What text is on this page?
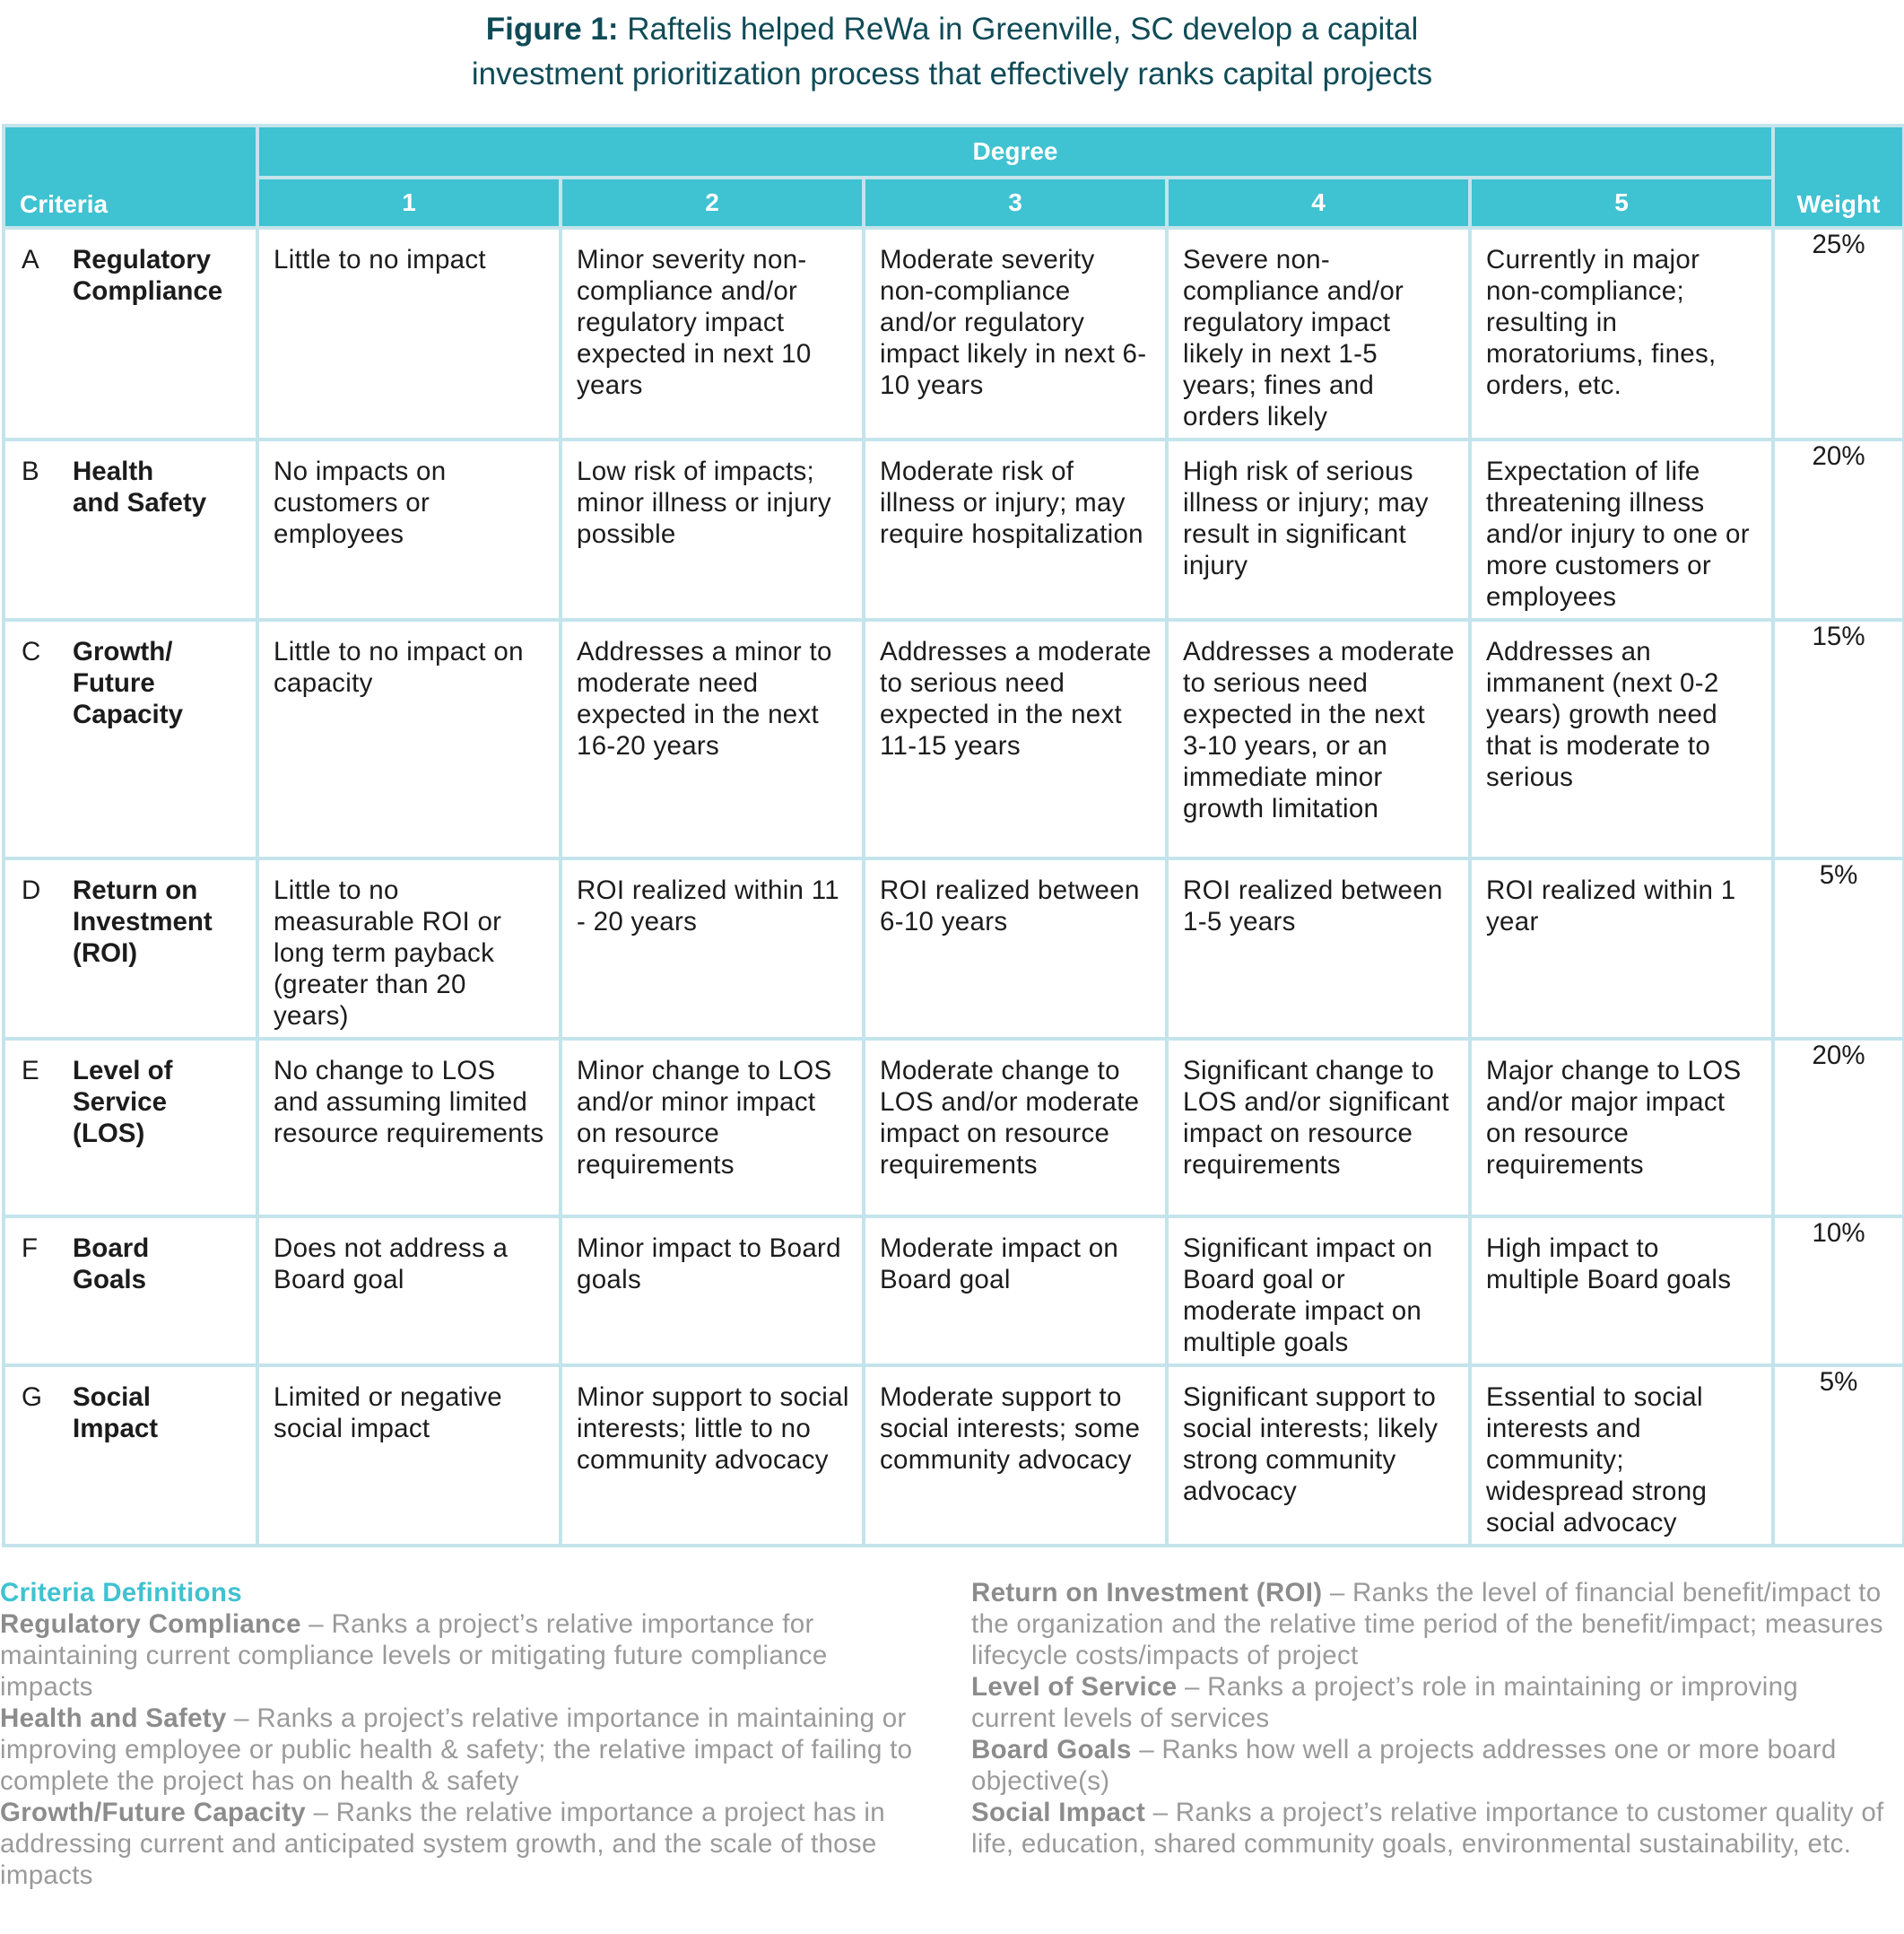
Figure 1: Raftelis helped ReWa in Greenville, SC develop a capital
investment prioritization process that effectively ranks capital projects
Criteria	Degree					Weight
	1	2	3	4	5	

A Regulatory
Compliance	Little to no impact	Minor severity non-compliance and/or regulatory impact expected in next 10 years	Moderate severity non-compliance and/or regulatory impact likely in next 6-10 years	Severe non-compliance and/or regulatory impact likely in next 1-5 years; fines and orders likely	Currently in major non-compliance; resulting in moratoriums, fines, orders, etc.	25%

B Health
and Safety	No impacts on customers or employees	Low risk of impacts; minor illness or injury possible	Moderate risk of illness or injury; may require hospitalization	High risk of serious illness or injury; may result in significant injury	Expectation of life threatening illness and/or injury to one or more customers or employees	20%

C Growth/
Future
Capacity	Little to no impact on capacity	Addresses a minor to moderate need expected in the next 16-20 years	Addresses a moderate to serious need expected in the next 11-15 years	Addresses a moderate to serious need expected in the next 3-10 years, or an immediate minor growth limitation	Addresses an immanent (next 0-2 years) growth need that is moderate to serious	15%

D Return on
Investment
(ROI)	Little to no measurable ROI or long term payback (greater than 20 years)	ROI realized within 11 - 20 years	ROI realized between 6-10 years	ROI realized between 1-5 years	ROI realized within 1 year	5%

E Level of
Service
(LOS)	No change to LOS and assuming limited resource requirements	Minor change to LOS and/or minor impact on resource requirements	Moderate change to LOS and/or moderate impact on resource requirements	Significant change to LOS and/or significant impact on resource requirements	Major change to LOS and/or major impact on resource requirements	20%

F Board
Goals	Does not address a Board goal	Minor impact to Board goals	Moderate impact on Board goal	Significant impact on Board goal or moderate impact on multiple goals	High impact to multiple Board goals	10%

G Social
Impact	Limited or negative social impact	Minor support to social interests; little to no community advocacy	Moderate support to social interests; some community advocacy	Significant support to social interests; likely strong community advocacy	Essential to social interests and community; widespread strong social advocacy	5%

Criteria Definitions

Regulatory Compliance – Ranks a project’s relative importance for maintaining current compliance levels or mitigating future compliance impacts

Health and Safety – Ranks a project’s relative importance in maintaining or improving employee or public health & safety; the relative impact of failing to complete the project has on health & safety

Growth/Future Capacity – Ranks the relative importance a project has in addressing current and anticipated system growth, and the scale of those impacts

Return on Investment (ROI) – Ranks the level of financial benefit/impact to the organization and the relative time period of the benefit/impact; measures lifecycle costs/impacts of project

Level of Service – Ranks a project’s role in maintaining or improving current levels of services

Board Goals – Ranks how well a projects addresses one or more board objective(s)

Social Impact – Ranks a project’s relative importance to customer quality of life, education, shared community goals, environmental sustainability, etc.
